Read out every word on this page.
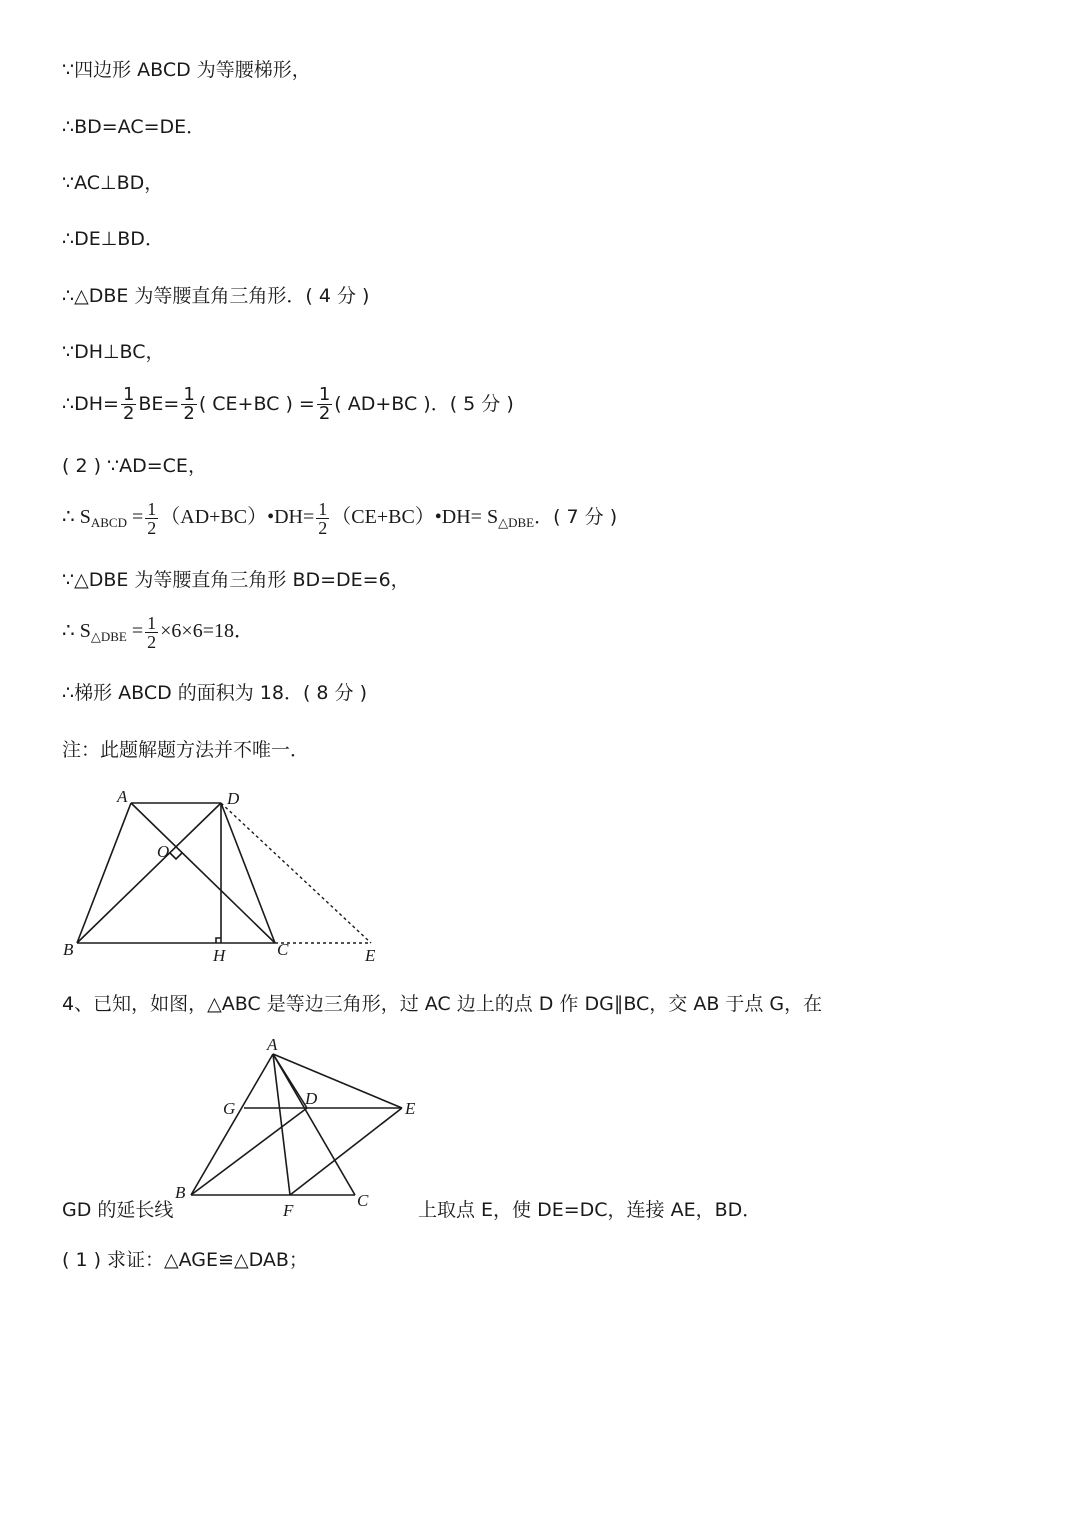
∵四边形 ABCD 为等腰梯形，
∴BD=AC=DE．
∵AC⊥BD，
∴DE⊥BD．
∴△DBE 为等腰直角三角形．( 4 分 )
∵DH⊥BC，
∴DH= $\frac{1}{2} BE= \frac{1}{2}$ ( CE+BC ) = $\frac{1}{2}$ ( AD+BC )．( 5 分 )
( 2 ) ∵AD=CE，
∴ $S_{ABCD} = \frac{1}{2}$ （AD+BC）•DH= $\frac{1}{2}$ （CE+BC）•DH= $S_{\triangle DBE}$．( 7 分 )
∵△DBE 为等腰直角三角形 BD=DE=6，
∴ $S_{\triangle DBE} = \frac{1}{2} \times 6\times 6=18$．
∴梯形 ABCD 的面积为 18．( 8 分 )
注：此题解题方法并不唯一．
A	D
O
B	H	C	E
4、已知，如图，△ABC 是等边三角形，过 AC 边上的点 D 作 DG∥BC，交 AB 于点 G，在
A
G
D
E
B
F
C
GD 的延长线	上取点 E，使 DE=DC，连接 AE，BD．
( 1 ) 求证：△AGE≌△DAB；
